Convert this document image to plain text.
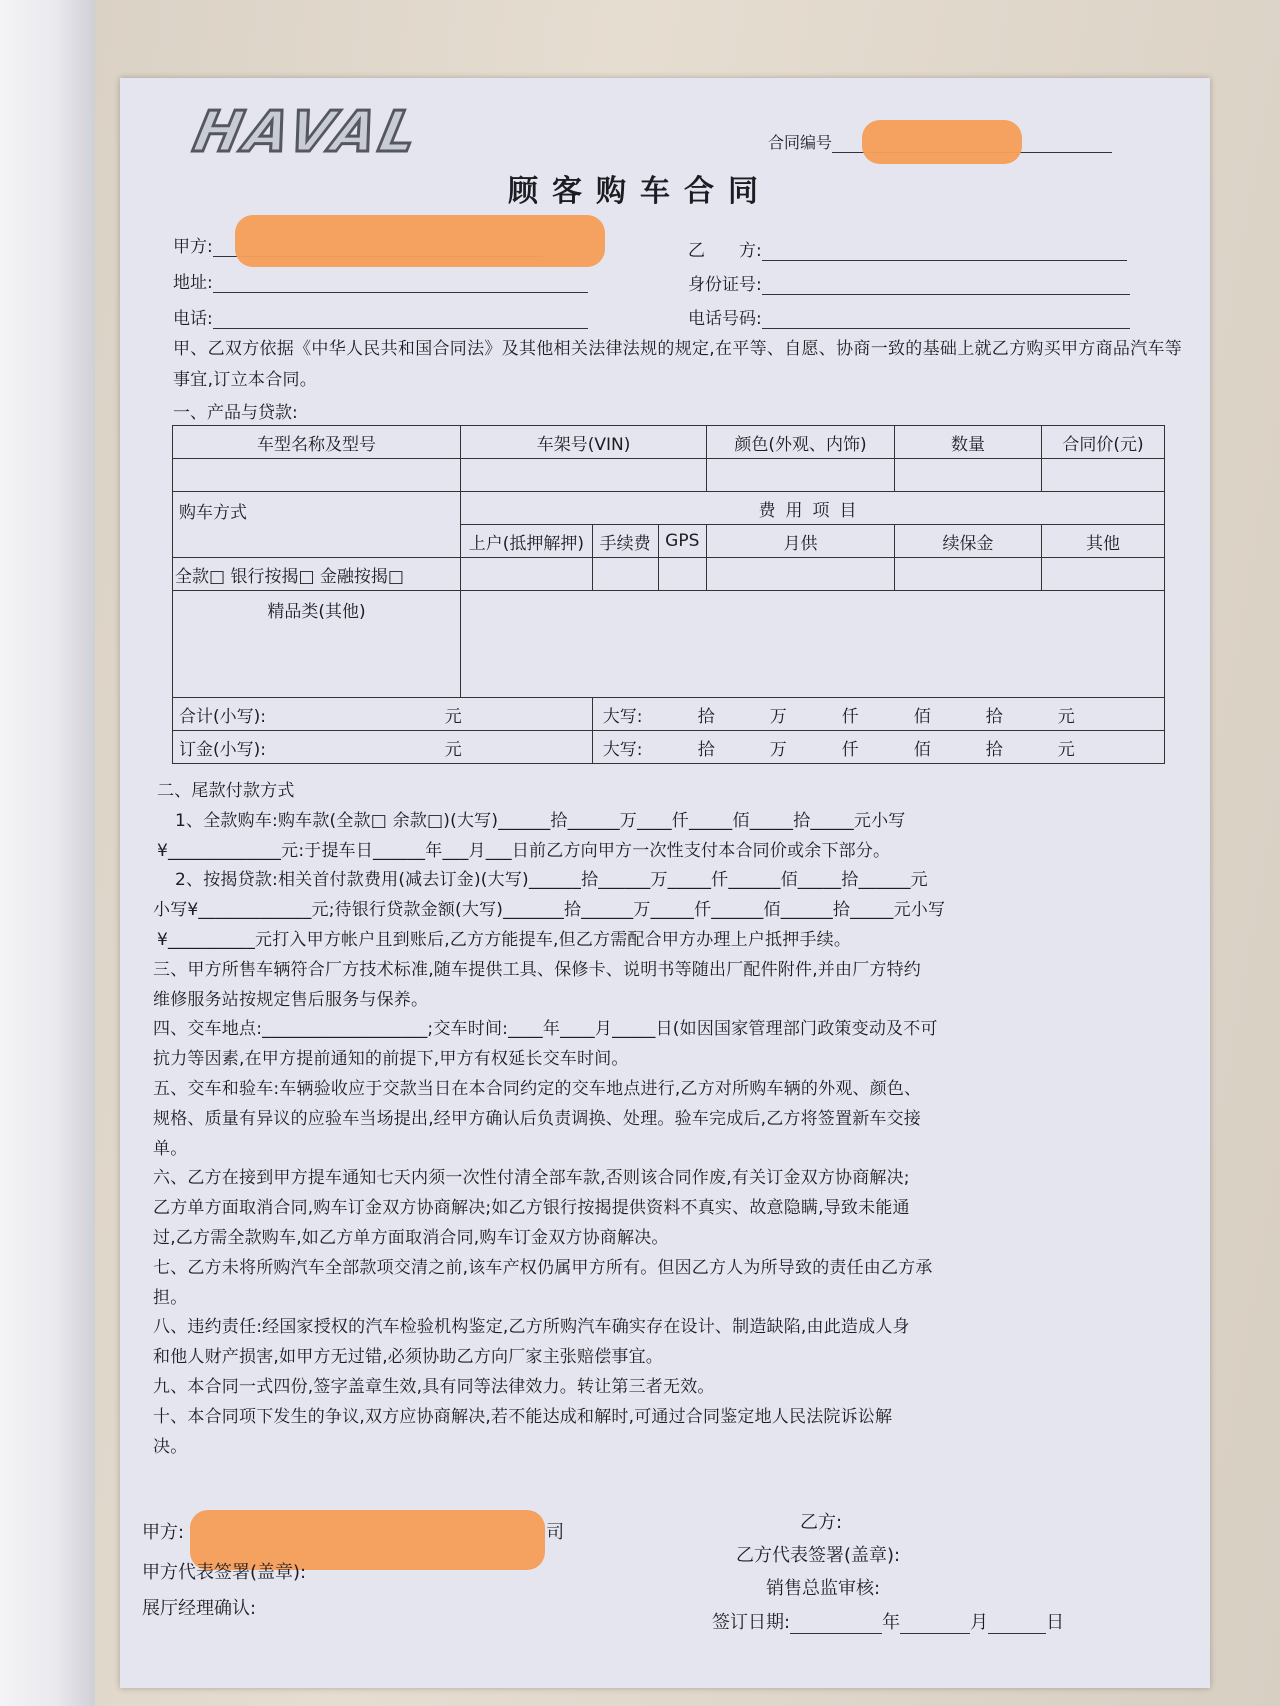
HAVAL	合同编号
顾客购车合同
甲方:
地址:
电话:
乙　　方:
身份证号:
电话号码:
甲、乙双方依据《中华人民共和国合同法》及其他相关法律法规的规定,在平等、自愿、协商一致的基础上就乙方购买甲方商品汽车等事宜,订立本合同。
一、产品与贷款:
车型名称及型号	车架号(VIN)			颜色(外观、内饰)	数量	合同价(元)

购车方式	费用项目					
	上户(抵押解押)	手续费	GPS	月供	续保金	其他
全款□ 银行按揭□ 金融按揭□						
精品类(其他)						
合计(小写): 元		大写: 拾 万 仟 佰 拾 元				
订金(小写): 元		大写: 拾 万 仟 佰 拾 元				

二、尾款付款方式

1、全款购车:购车款(全款□ 余款□)(大写)______拾______万____仟_____佰_____拾_____元小写

¥_____________元:于提车日______年___月___日前乙方向甲方一次性支付本合同价或余下部分。

2、按揭贷款:相关首付款费用(减去订金)(大写)______拾______万_____仟______佰_____拾______元

小写¥_____________元;待银行贷款金额(大写)_______拾______万_____仟______佰______拾_____元小写

¥__________元打入甲方帐户且到账后,乙方方能提车,但乙方需配合甲方办理上户抵押手续。

三、甲方所售车辆符合厂方技术标准,随车提供工具、保修卡、说明书等随出厂配件附件,并由厂方特约

维修服务站按规定售后服务与保养。

四、交车地点:___________________;交车时间:____年____月_____日(如因国家管理部门政策变动及不可

抗力等因素,在甲方提前通知的前提下,甲方有权延长交车时间。

五、交车和验车:车辆验收应于交款当日在本合同约定的交车地点进行,乙方对所购车辆的外观、颜色、

规格、质量有异议的应验车当场提出,经甲方确认后负责调换、处理。验车完成后,乙方将签置新车交接

单。

六、乙方在接到甲方提车通知七天内须一次性付清全部车款,否则该合同作废,有关订金双方协商解决;

乙方单方面取消合同,购车订金双方协商解决;如乙方银行按揭提供资料不真实、故意隐瞒,导致未能通

过,乙方需全款购车,如乙方单方面取消合同,购车订金双方协商解决。

七、乙方未将所购汽车全部款项交清之前,该车产权仍属甲方所有。但因乙方人为所导致的责任由乙方承

担。

八、违约责任:经国家授权的汽车检验机构鉴定,乙方所购汽车确实存在设计、制造缺陷,由此造成人身

和他人财产损害,如甲方无过错,必须协助乙方向厂家主张赔偿事宜。

九、本合同一式四份,签字盖章生效,具有同等法律效力。转让第三者无效。

十、本合同项下发生的争议,双方应协商解决,若不能达成和解时,可通过合同鉴定地人民法院诉讼解

决。

甲方:	司
甲方代表签署(盖章):
展厅经理确认:
乙方:
乙方代表签署(盖章):
销售总监审核:
签订日期:	年	月	日
